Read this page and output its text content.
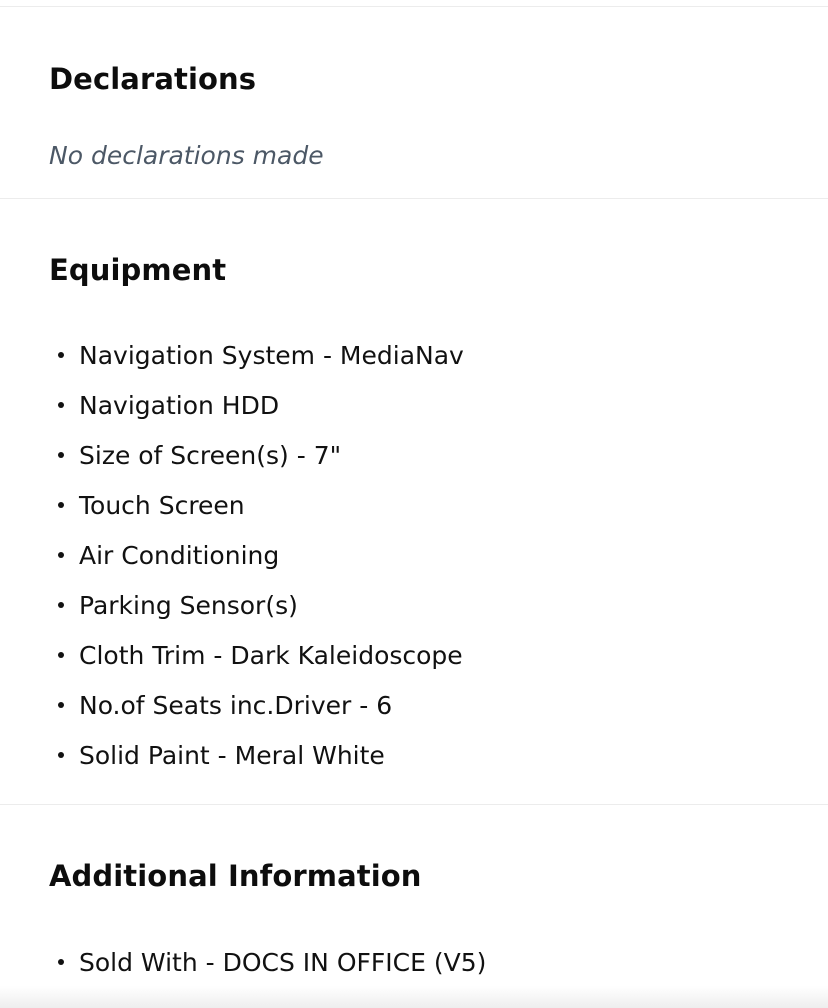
Declarations

No declarations made

Equipment
Navigation System - MediaNav
Navigation HDD
Size of Screen(s) - 7"
Touch Screen
Air Conditioning
Parking Sensor(s)
Cloth Trim - Dark Kaleidoscope
No.of Seats inc.Driver - 6
Solid Paint - Meral White
Additional Information
Sold With - DOCS IN OFFICE (V5)
